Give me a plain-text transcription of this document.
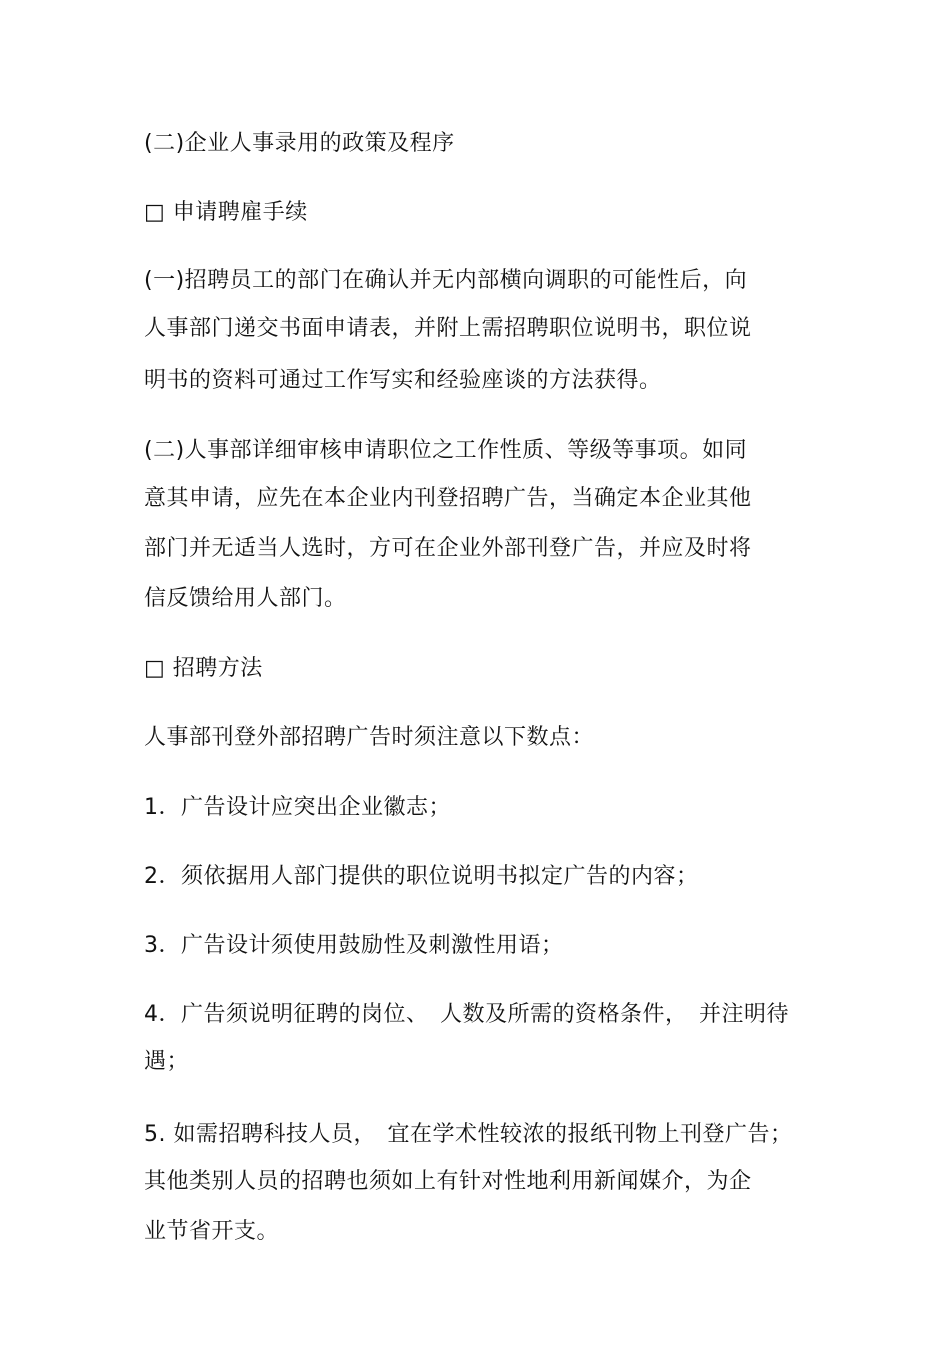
(二)企业人事录用的政策及程序
□ 申请聘雇手续
(一)招聘员工的部门在确认并无内部横向调职的可能性后，向
人事部门递交书面申请表，并附上需招聘职位说明书，职位说
明书的资料可通过工作写实和经验座谈的方法获得。
(二)人事部详细审核申请职位之工作性质、等级等事项。如同
意其申请，应先在本企业内刊登招聘广告，当确定本企业其他
部门并无适当人选时，方可在企业外部刊登广告，并应及时将
信反馈给用人部门。
□ 招聘方法
人事部刊登外部招聘广告时须注意以下数点：
1．广告设计应突出企业徽志；
2．须依据用人部门提供的职位说明书拟定广告的内容；
3．广告设计须使用鼓励性及刺激性用语；
4．广告须说明征聘的岗位、　人数及所需的资格条件，　并注明待
遇；
5. 如需招聘科技人员，　宜在学术性较浓的报纸刊物上刊登广告；
其他类别人员的招聘也须如上有针对性地利用新闻媒介，为企
业节省开支。
